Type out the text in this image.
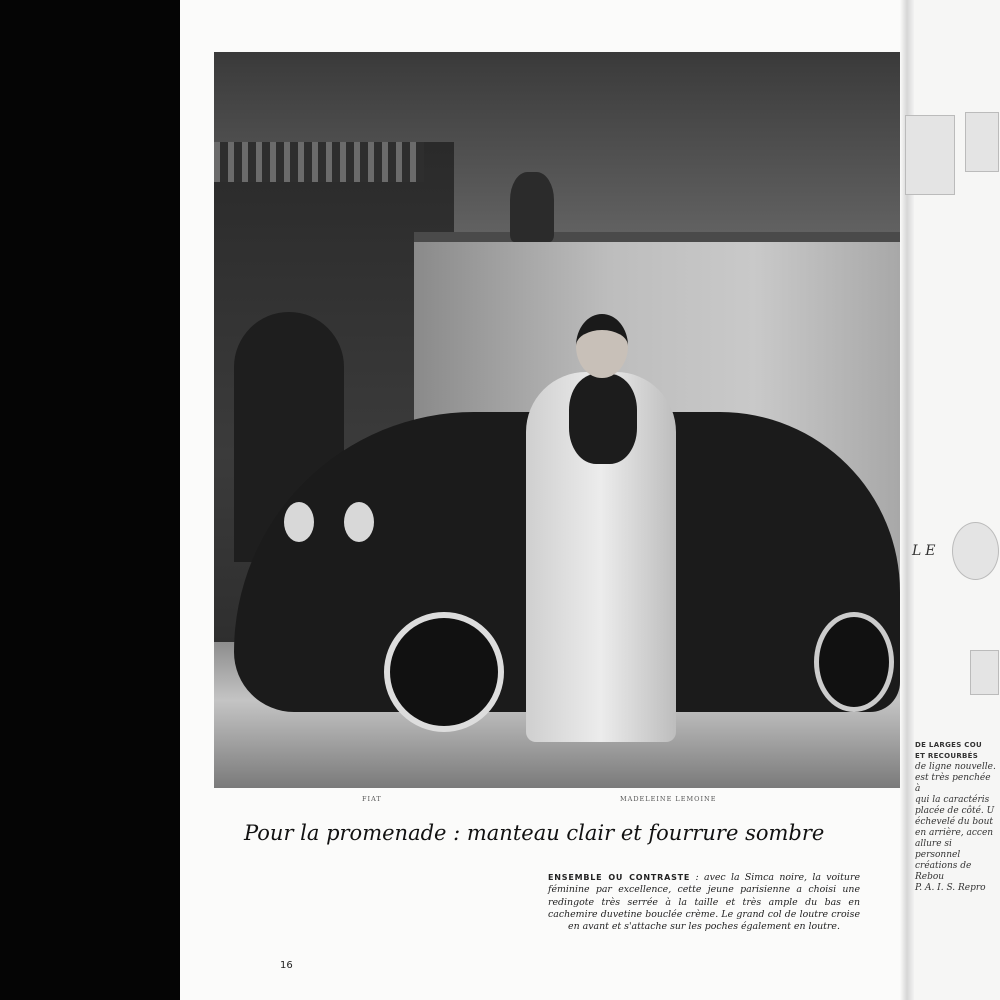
FIAT	MADELEINE LEMOINE
Pour la promenade : manteau clair et fourrure sombre
ENSEMBLE OU CONTRASTE : avec la Simca noire, la voiture féminine par excellence, cette jeune parisienne a choisi une redingote très serrée à la taille et très ample du bas en cachemire duvetine bouclée crème. Le grand col de loutre croise en avant et s'attache sur les poches également en loutre.
16
LE
DE LARGES COU
ET RECOURBÉS
de ligne nouvelle.
est très penchée à
qui la caractéris
placée de côté. U
échevelé du bout
en arrière, accen
allure si personnel
créations de Rebou
P. A. I. S. Repro
